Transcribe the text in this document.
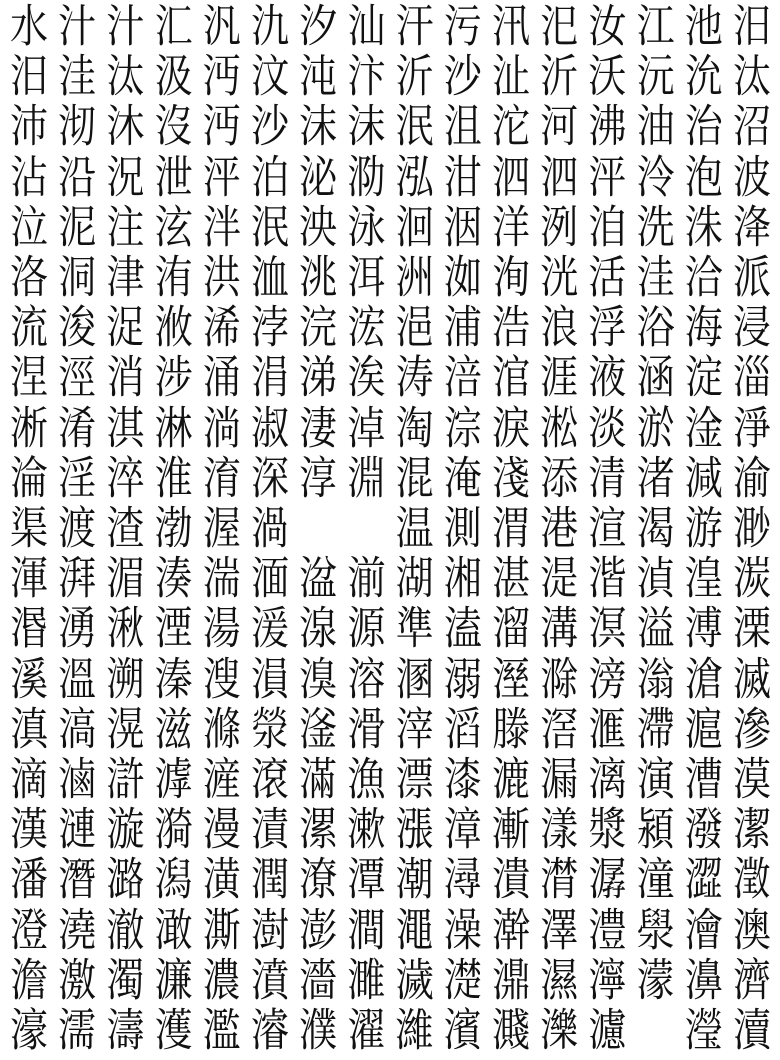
水 汁 汁 汇 汎 氿 汐 汕 汗 污 汛 汜 汝 江 池 汨
汨 洼 汰 汲 沔 汶 沌 汴 沂 沙 沚 沂 沃 沅 沇 汰
沛 沏 沐 沒 沔 沙 沫 沫 泯 沮 沱 河 沸 油 治 沼
沾 沿 況 泄 泙 泊 泌 泐 泓 泔 泗 泗 泙 泠 泡 波
泣 泥 注 泫 泮 泯 泱 泳 洄 洇 洋 洌 洎 洗 洙 洚
洛 洞 津 洧 洪 洫 洮 洱 洲 洳 洵 洸 活 洼 洽 派
流 浚 浞 浟 浠 浡 浣 浤 浥 浦 浩 浪 浮 浴 海 浸
涅 涇 消 涉 涌 涓 涕 涘 涛 涪 涫 涯 液 涵 淀 淄
淅 淆 淇 淋 淌 淑 淒 淖 淘 淙 淚 淞 淡 淤 淦 淨
淪 淫 淬 淮 淯 深 淳 淵 混 淹 淺 添 清 渚 減 渝
渠 渡 渣 渤 渥 渦	温 測 渭 港 渲 渴 游 渺
渾 湃 湄 湊 湍 湎 湓 湔 湖 湘 湛 湜 湝 湞 湟 湠
湣 湧 湫 湮 湯 湲 湶 源 準 溘 溜 溝 溟 溢 溥 溧
溪 溫 溯 溱 溲 溳 溴 溶 溷 溺 溼 滁 滂 滃 滄 滅
滇 滈 滉 滋 滌 滎 滏 滑 滓 滔 滕 滘 滙 滯 滬 滲
滴 滷 滸 滹 滻 滾 滿 漁 漂 漆 漉 漏 漓 演 漕 漠
漢 漣 漩 漪 漫 漬 漯 漱 漲 漳 漸 漾 漿 潁 潑 潔
潘 潛 潞 潟 潢 潤 潦 潭 潮 潯 潰 潸 潺 潼 澀 澂
澄 澆 澈 澉 澌 澍 澎 澗 澠 澡 澣 澤 澧 澩 澮 澳
澹 激 濁 濂 濃 濆 濇 濉 濊 濋 濎 濕 濘 濛 濞 濟
濠 濡 濤 濩 濫 濬 濮 濯 濰 濱 濺 濼 濾 瀅 瀆
